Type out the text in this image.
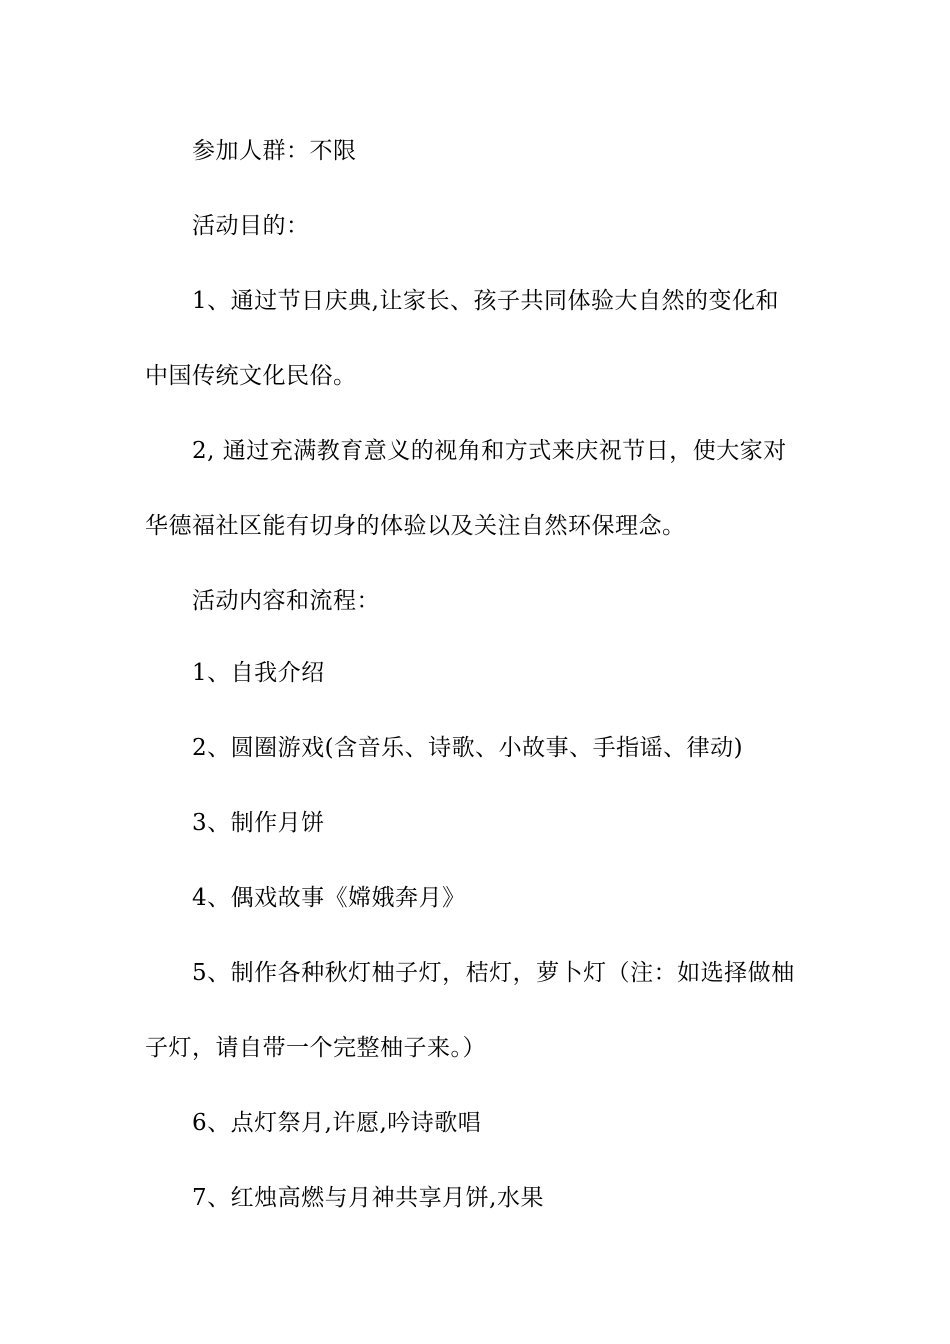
参加人群：不限
活动目的：
1、通过节日庆典,让家长、孩子共同体验大自然的变化和
中国传统文化民俗。
2, 通过充满教育意义的视角和方式来庆祝节日，使大家对
华德福社区能有切身的体验以及关注自然环保理念。
活动内容和流程：
1、自我介绍
2、圆圈游戏(含音乐、诗歌、小故事、手指谣、律动)
3、制作月饼
4、偶戏故事《嫦娥奔月》
5、制作各种秋灯柚子灯，桔灯，萝卜灯（注：如选择做柚
子灯，请自带一个完整柚子来。）
6、点灯祭月,许愿,吟诗歌唱
7、红烛高燃与月神共享月饼,水果
